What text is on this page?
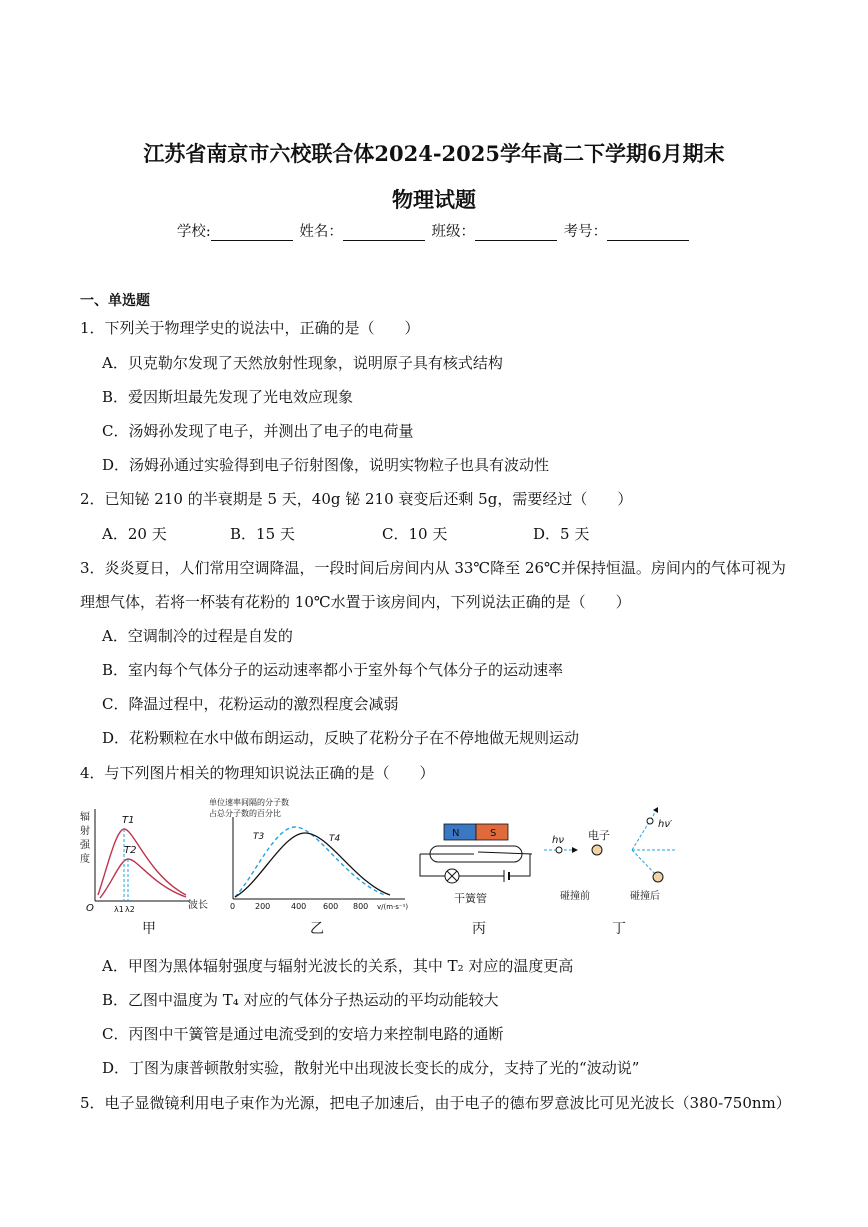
江苏省南京市六校联合体2024-2025学年高二下学期6月期末
物理试题
学校:	姓名：	班级：	考号：
一、单选题
1．下列关于物理学史的说法中，正确的是（　　）
A．贝克勒尔发现了天然放射性现象，说明原子具有核式结构
B．爱因斯坦最先发现了光电效应现象
C．汤姆孙发现了电子，并测出了电子的电荷量
D．汤姆孙通过实验得到电子衍射图像，说明实物粒子也具有波动性
2．已知铋 210 的半衰期是 5 天，40g 铋 210 衰变后还剩 5g，需要经过（　　）
A．20 天	B．15 天	C．10 天	D．5 天
3．炎炎夏日，人们常用空调降温，一段时间后房间内从 33℃降至 26℃并保持恒温。房间内的气体可视为
理想气体，若将一杯装有花粉的 10℃水置于该房间内，下列说法正确的是（　　）
A．空调制冷的过程是自发的
B．室内每个气体分子的运动速率都小于室外每个气体分子的运动速率
C．降温过程中，花粉运动的激烈程度会减弱
D．花粉颗粒在水中做布朗运动，反映了花粉分子在不停地做无规则运动
4．与下列图片相关的物理知识说法正确的是（　　）
辐
射
强
度
O	波长
T1
T2
λ1 λ2
甲
单位速率间隔的分子数
占总分子数的百分比
T3	T4
0 200	400 600 800 v/(m·s⁻¹)
乙
N	S
干簧管
丙
hν 电子
碰撞前
hν′
碰撞后
丁
A．甲图为黑体辐射强度与辐射光波长的关系，其中 T₂ 对应的温度更高
B．乙图中温度为 T₄ 对应的气体分子热运动的平均动能较大
C．丙图中干簧管是通过电流受到的安培力来控制电路的通断
D．丁图为康普顿散射实验，散射光中出现波长变长的成分，支持了光的“波动说”
5．电子显微镜利用电子束作为光源，把电子加速后，由于电子的德布罗意波比可见光波长（380-750nm）
